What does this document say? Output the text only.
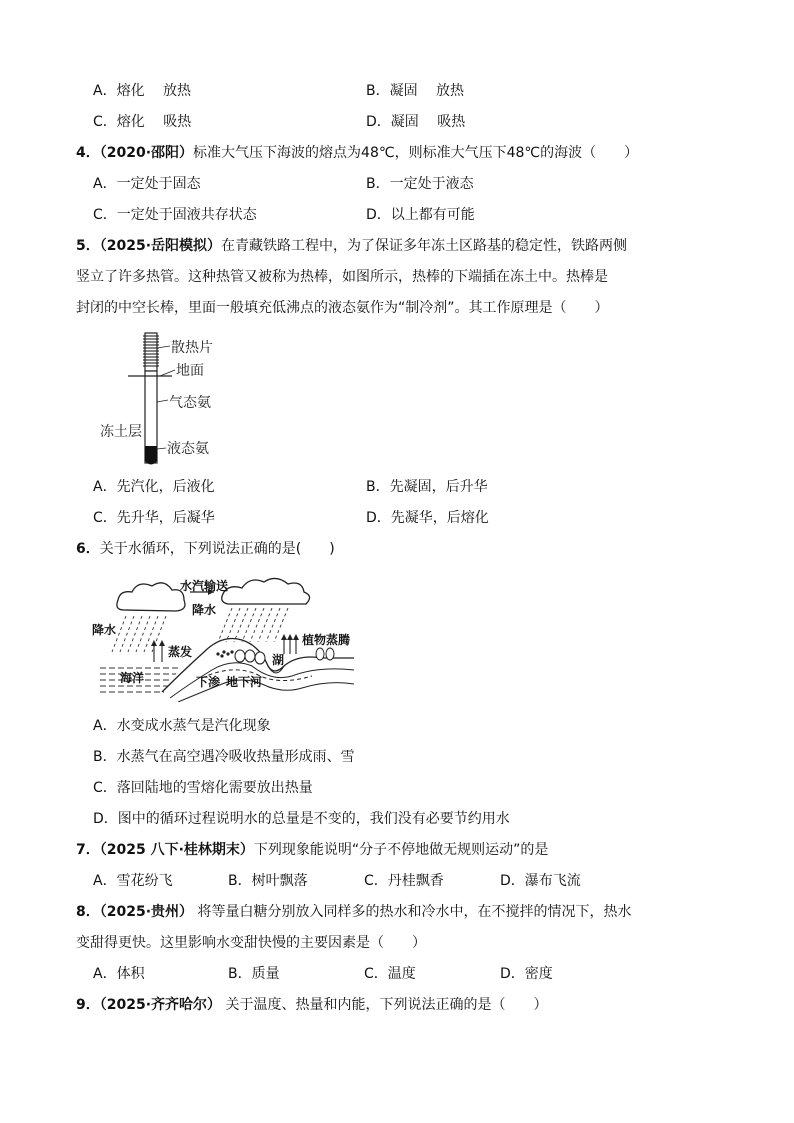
A．熔化　 放热	B．凝固　 放热
C．熔化　 吸热	D．凝固　 吸热
4．（2020·邵阳）标准大气压下海波的熔点为48℃，则标准大气压下48℃的海波（　　）
A．一定处于固态	B．一定处于液态
C．一定处于固液共存状态	D．以上都有可能
5．（2025·岳阳模拟）在青藏铁路工程中，为了保证多年冻土区路基的稳定性，铁路两侧
竖立了许多热管。这种热管又被称为热棒，如图所示，热棒的下端插在冻土中。热棒是
封闭的中空长棒，里面一般填充低沸点的液态氨作为“制冷剂”。其工作原理是（　　）
散热片
地面
气态氨
冻土层
液态氨
A．先汽化，后液化	B．先凝固，后升华
C．先升华，后凝华	D．先凝华，后熔化
6．关于水循环，下列说法正确的是(　　)
水汽输送
降水
降水
蒸发
植物蒸腾
湖
海洋	下渗 地下河
A．水变成水蒸气是汽化现象
B．水蒸气在高空遇冷吸收热量形成雨、雪
C．落回陆地的雪熔化需要放出热量
D．图中的循环过程说明水的总量是不变的，我们没有必要节约用水
7．（2025 八下·桂林期末）下列现象能说明“分子不停地做无规则运动”的是
A．雪花纷飞	B．树叶飘落	C．丹桂飘香	D．瀑布飞流
8．（2025·贵州） 将等量白糖分别放入同样多的热水和冷水中，在不搅拌的情况下，热水
变甜得更快。这里影响水变甜快慢的主要因素是（　　）
A．体积	B．质量	C．温度	D．密度
9．（2025·齐齐哈尔） 关于温度、热量和内能，下列说法正确的是（　　）
